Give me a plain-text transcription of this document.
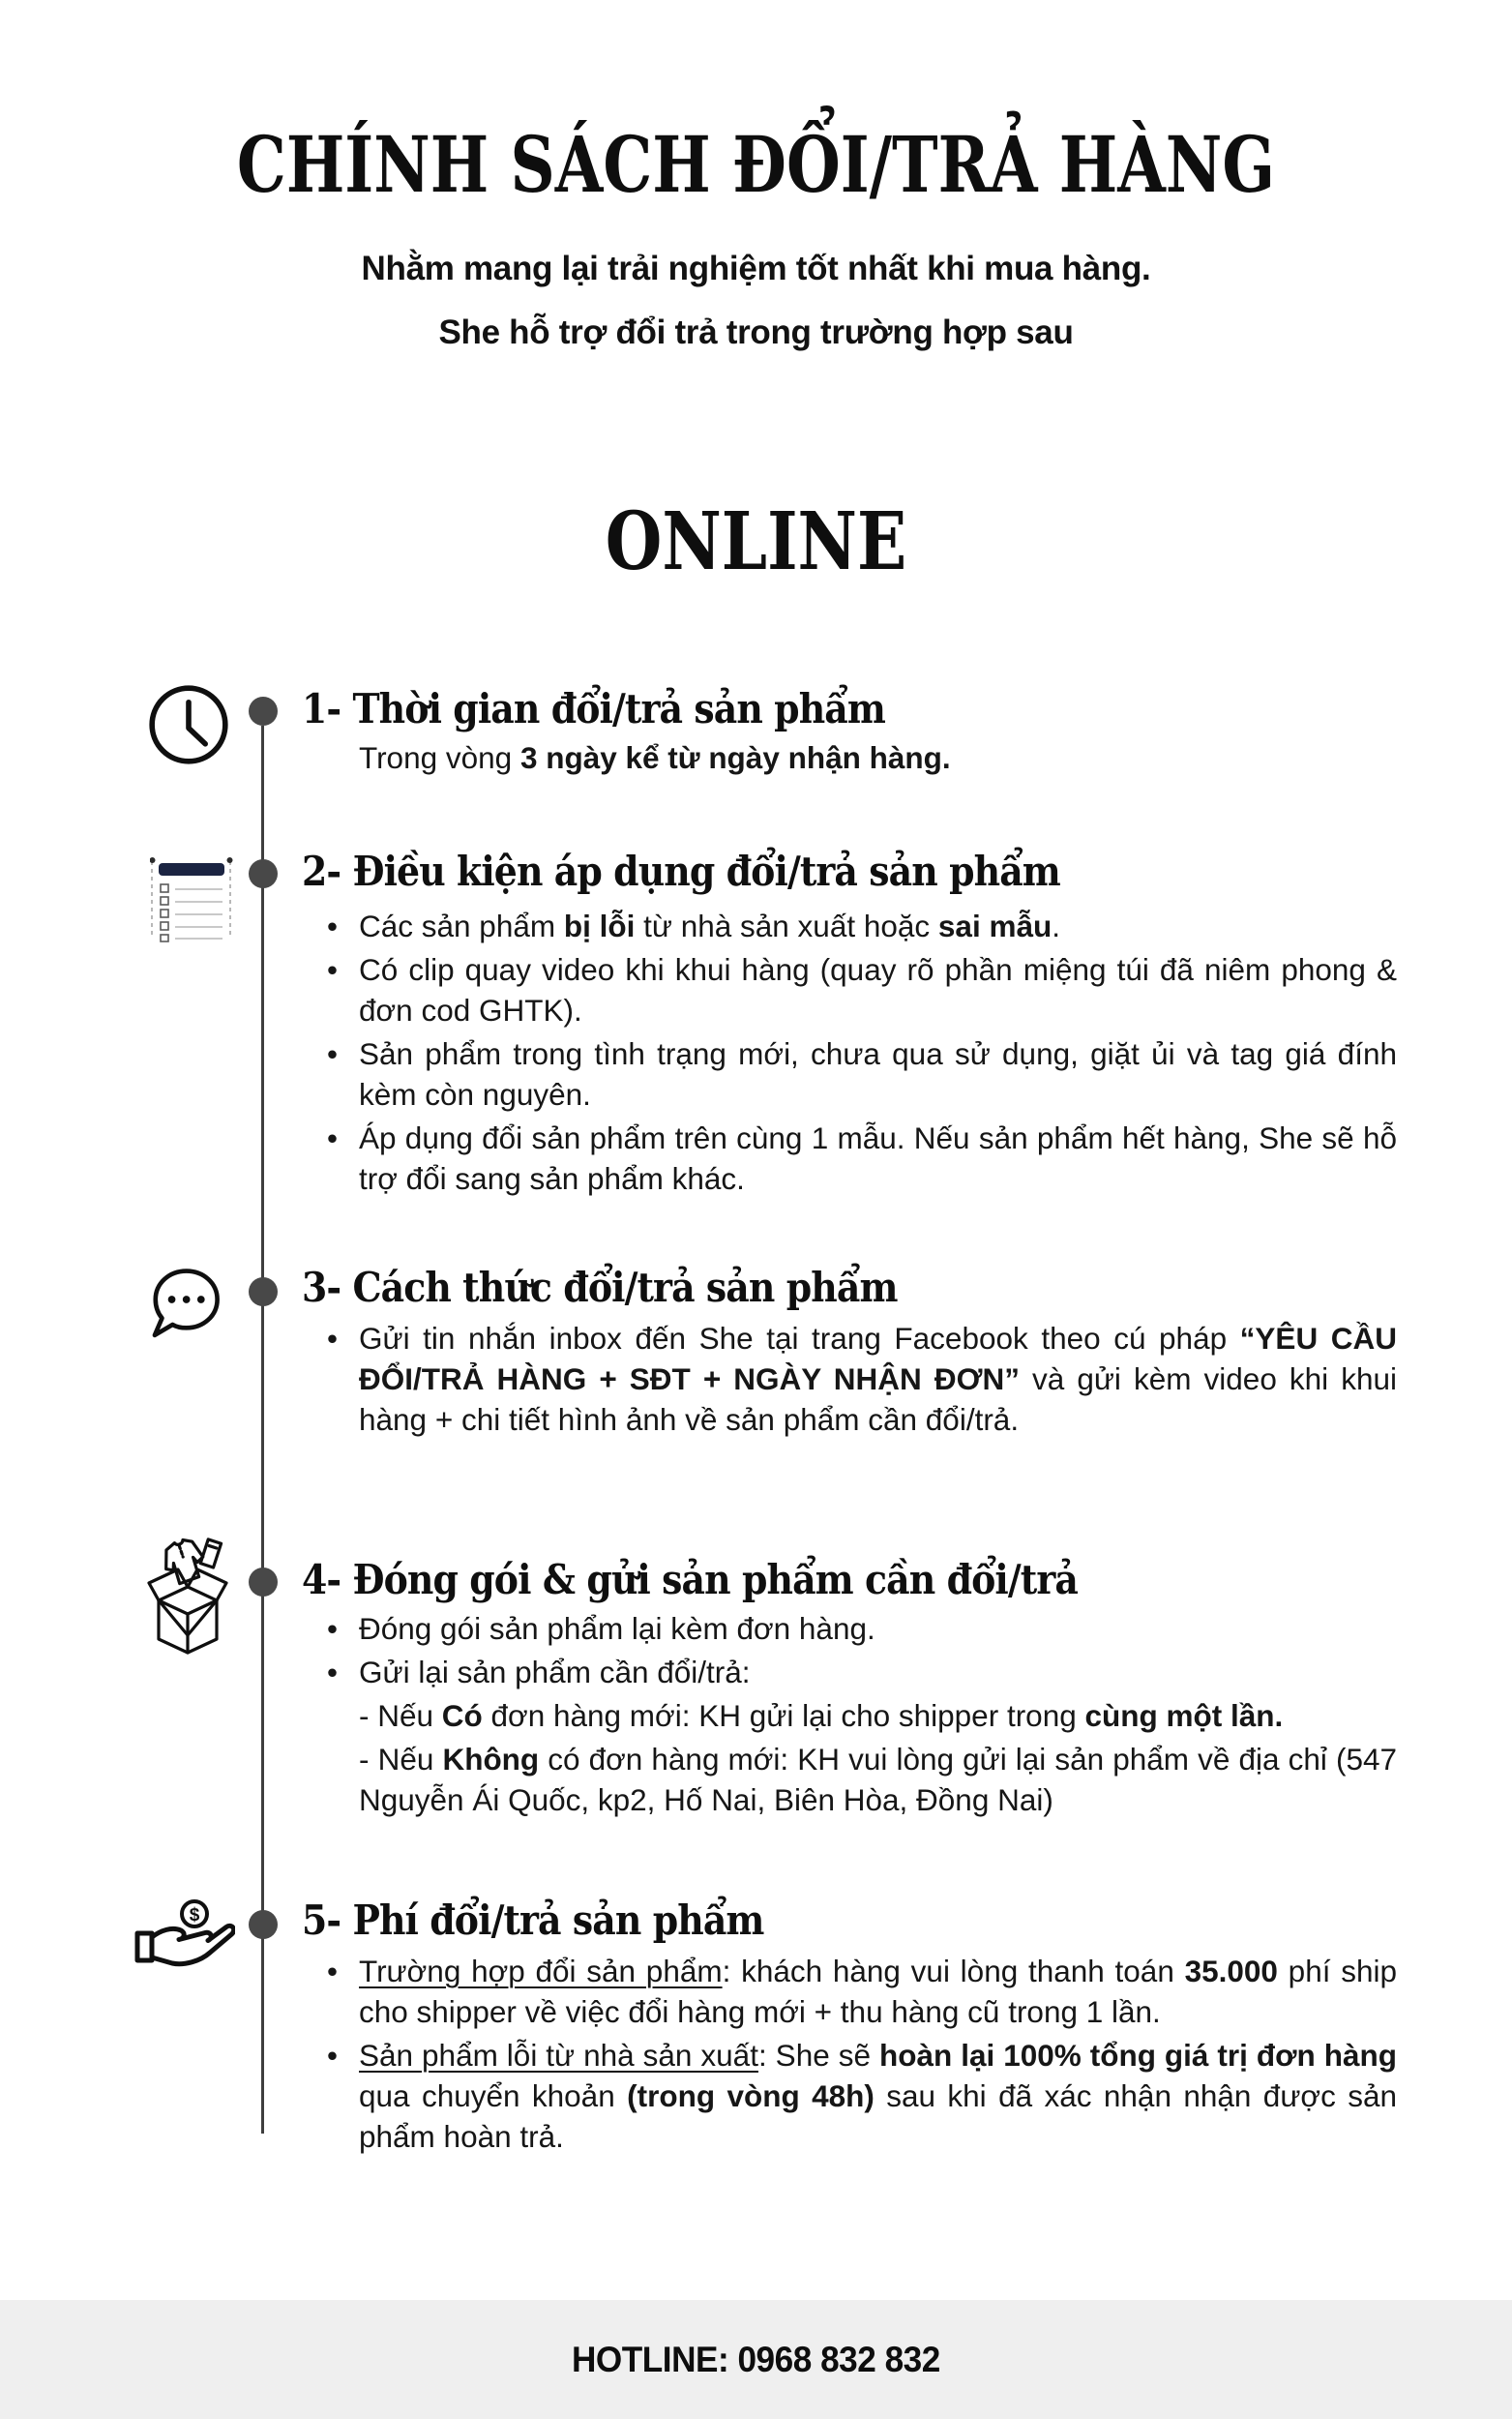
CHÍNH SÁCH ĐỔI/TRẢ HÀNG
Nhằm mang lại trải nghiệm tốt nhất khi mua hàng.
She hỗ trợ đổi trả trong trường hợp sau
ONLINE
1- Thời gian đổi/trả sản phẩm
Trong vòng 3 ngày kể từ ngày nhận hàng.
2- Điều kiện áp dụng đổi/trả sản phẩm
• Các sản phẩm bị lỗi từ nhà sản xuất hoặc sai mẫu.
• Có clip quay video khi khui hàng (quay rõ phần miệng túi đã niêm phong & đơn cod GHTK).
• Sản phẩm trong tình trạng mới, chưa qua sử dụng, giặt ủi và tag giá đính kèm còn nguyên.
• Áp dụng đổi sản phẩm trên cùng 1 mẫu. Nếu sản phẩm hết hàng, She sẽ hỗ trợ đổi sang sản phẩm khác.
3- Cách thức đổi/trả sản phẩm
• Gửi tin nhắn inbox đến She tại trang Facebook theo cú pháp “YÊU CẦU ĐỔI/TRẢ HÀNG + SĐT + NGÀY NHẬN ĐƠN” và gửi kèm video khi khui hàng + chi tiết hình ảnh về sản phẩm cần đổi/trả.
4- Đóng gói & gửi sản phẩm cần đổi/trả
• Đóng gói sản phẩm lại kèm đơn hàng.
• Gửi lại sản phẩm cần đổi/trả:
- Nếu Có đơn hàng mới: KH gửi lại cho shipper trong cùng một lần.
- Nếu Không có đơn hàng mới: KH vui lòng gửi lại sản phẩm về địa chỉ (547 Nguyễn Ái Quốc, kp2, Hố Nai, Biên Hòa, Đồng Nai)
$	5- Phí đổi/trả sản phẩm
• Trường hợp đổi sản phẩm: khách hàng vui lòng thanh toán 35.000 phí ship cho shipper về việc đổi hàng mới + thu hàng cũ trong 1 lần.
• Sản phẩm lỗi từ nhà sản xuất: She sẽ hoàn lại 100% tổng giá trị đơn hàng qua chuyển khoản (trong vòng 48h) sau khi đã xác nhận nhận được sản phẩm hoàn trả.
HOTLINE: 0968 832 832
